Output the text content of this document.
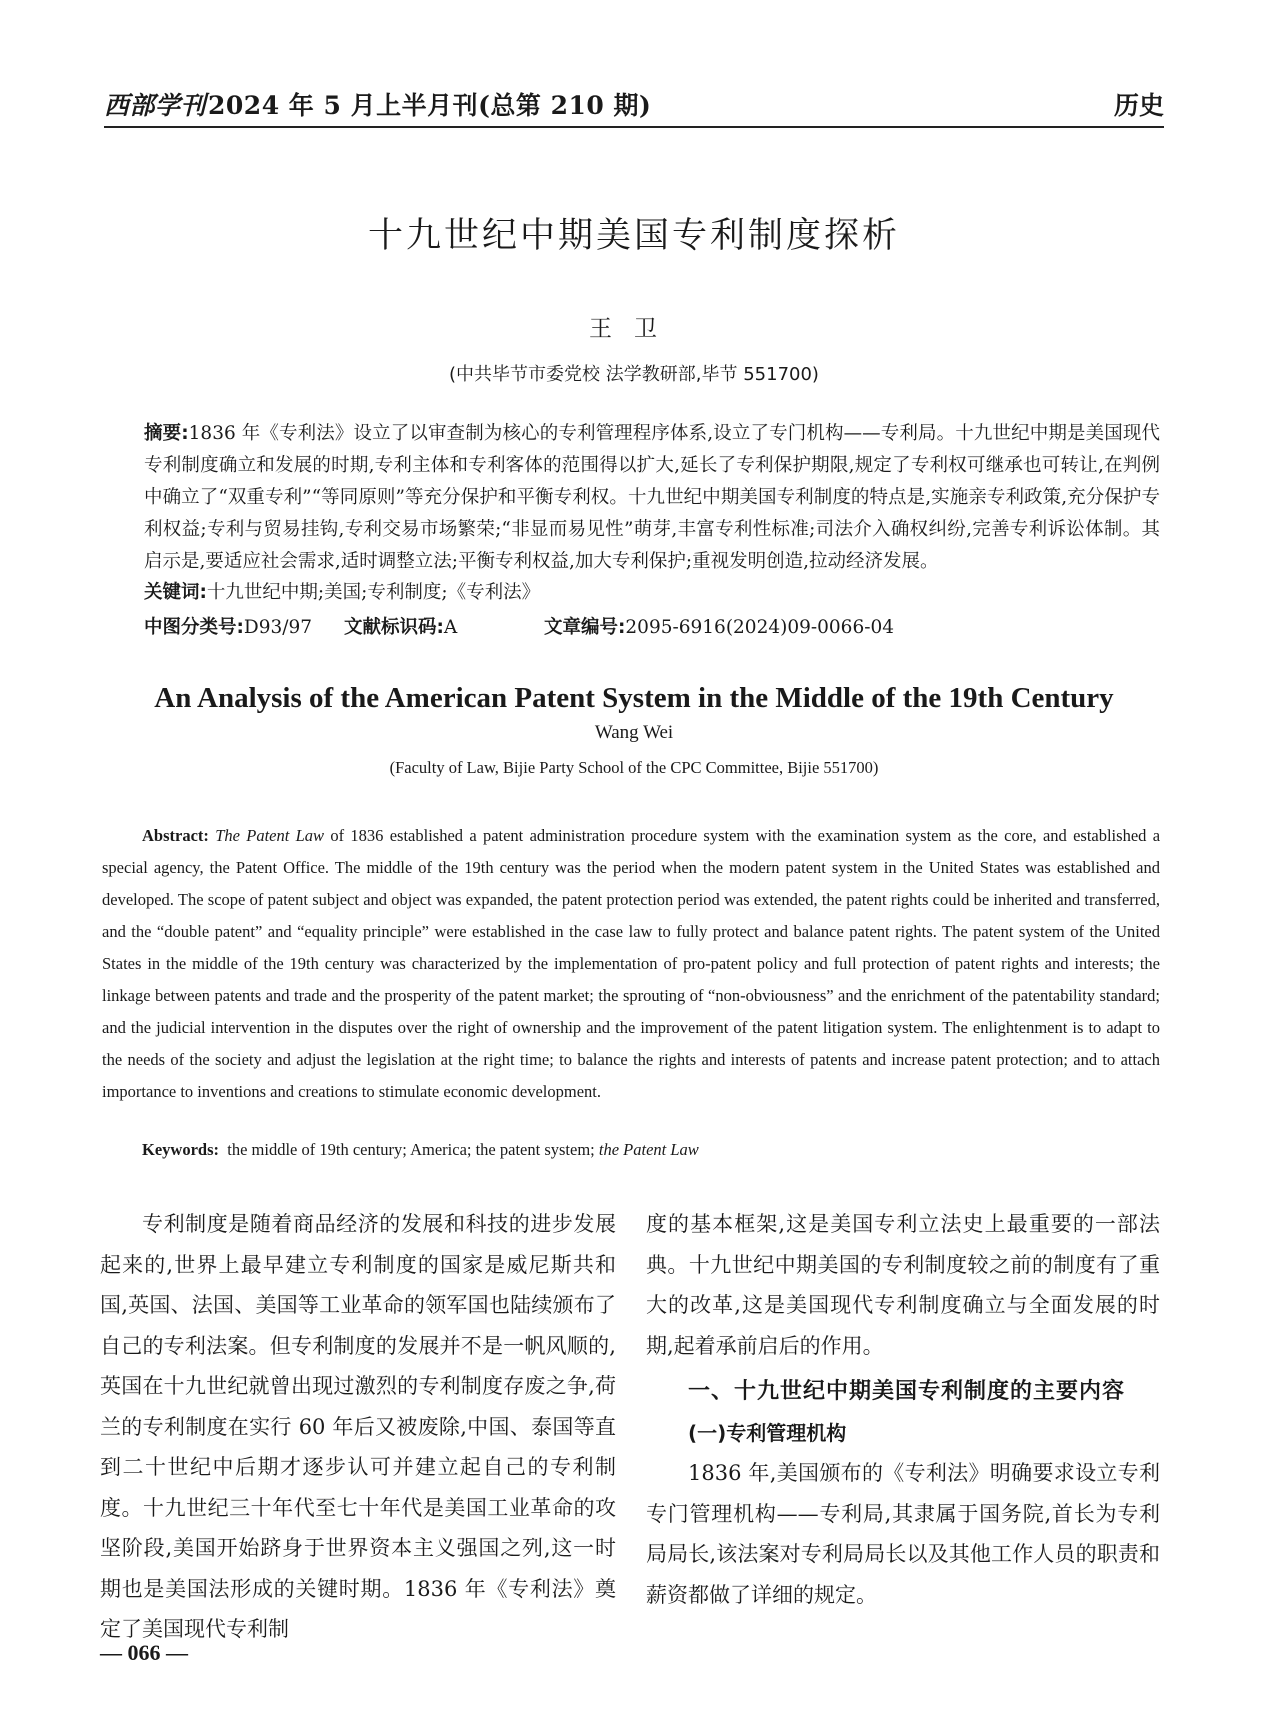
西部学刊2024 年 5 月上半月刊(总第 210 期)	历史
十九世纪中期美国专利制度探析
王卫
(中共毕节市委党校 法学教研部,毕节 551700)
摘要:1836 年《专利法》设立了以审查制为核心的专利管理程序体系,设立了专门机构——专利局。十九世纪中期是美国现代专利制度确立和发展的时期,专利主体和专利客体的范围得以扩大,延长了专利保护期限,规定了专利权可继承也可转让,在判例中确立了“双重专利”“等同原则”等充分保护和平衡专利权。十九世纪中期美国专利制度的特点是,实施亲专利政策,充分保护专利权益;专利与贸易挂钩,专利交易市场繁荣;“非显而易见性”萌芽,丰富专利性标准;司法介入确权纠纷,完善专利诉讼体制。其启示是,要适应社会需求,适时调整立法;平衡专利权益,加大专利保护;重视发明创造,拉动经济发展。
关键词:十九世纪中期;美国;专利制度;《专利法》
中图分类号:D93/97 文献标识码:A	文章编号:2095-6916(2024)09-0066-04
An Analysis of the American Patent System in the Middle of the 19th Century
Wang Wei
(Faculty of Law, Bijie Party School of the CPC Committee, Bijie 551700)
Abstract: The Patent Law of 1836 established a patent administration procedure system with the examination system as the core, and established a special agency, the Patent Office. The middle of the 19th century was the period when the modern patent system in the United States was established and developed. The scope of patent subject and object was expanded, the patent protection period was extended, the patent rights could be inherited and transferred, and the “double patent” and “equality principle” were established in the case law to fully protect and balance patent rights. The patent system of the United States in the middle of the 19th century was characterized by the implementation of pro-patent policy and full protection of patent rights and interests; the linkage between patents and trade and the prosperity of the patent market; the sprouting of “non-obviousness” and the enrichment of the patentability standard; and the judicial intervention in the disputes over the right of ownership and the improvement of the patent litigation system. The enlightenment is to adapt to the needs of the society and adjust the legislation at the right time; to balance the rights and interests of patents and increase patent protection; and to attach importance to inventions and creations to stimulate economic development.
Keywords: the middle of 19th century; America; the patent system; the Patent Law

专利制度是随着商品经济的发展和科技的进步发展起来的,世界上最早建立专利制度的国家是威尼斯共和国,英国、法国、美国等工业革命的领军国也陆续颁布了自己的专利法案。但专利制度的发展并不是一帆风顺的,英国在十九世纪就曾出现过激烈的专利制度存废之争,荷兰的专利制度在实行 60 年后又被废除,中国、泰国等直到二十世纪中后期才逐步认可并建立起自己的专利制度。十九世纪三十年代至七十年代是美国工业革命的攻坚阶段,美国开始跻身于世界资本主义强国之列,这一时期也是美国法形成的关键时期。1836 年《专利法》奠定了美国现代专利制

度的基本框架,这是美国专利立法史上最重要的一部法典。十九世纪中期美国的专利制度较之前的制度有了重大的改革,这是美国现代专利制度确立与全面发展的时期,起着承前启后的作用。

一、十九世纪中期美国专利制度的主要内容

(一)专利管理机构

1836 年,美国颁布的《专利法》明确要求设立专利专门管理机构——专利局,其隶属于国务院,首长为专利局局长,该法案对专利局局长以及其他工作人员的职责和薪资都做了详细的规定。

— 066 —
